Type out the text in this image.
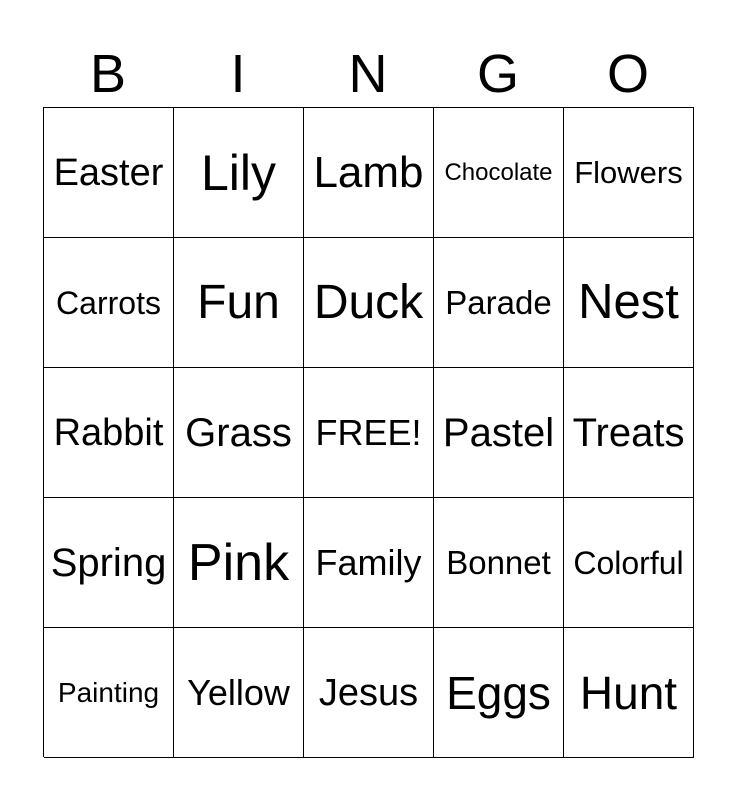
B	I	N	G	O
Easter Lily Lamb Chocolate Flowers
Carrots Fun Duck Parade Nest
Rabbit Grass FREE! Pastel Treats
Spring Pink Family Bonnet Colorful
Painting Yellow Jesus Eggs Hunt
